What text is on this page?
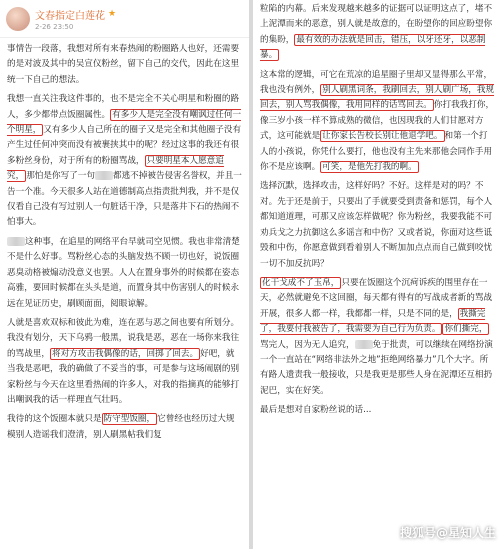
文春指定白莲花 ★
2-26 23:50

事情告一段落，我想对所有来春热闹的粉圈路人也好，还需要的是对波及其中的吴宣仪粉丝，留下自己的交代，因此在这里统一下自己的想法。

我想一直关注我这件事的，也不是完全不关心明星和粉圈的路人，多少都带点饭圈属性。 有多少人是完全没有嘲讽过任何一个明星， 又有多少人自己所在的圈子又是完全和其他圈子没有产生过任何冲突而没有被裹挟其中的呢？经过这事的我还有很多粉丝身份，对于所有的粉圈骂战， 只要明星本人愿意追究， 那怕是你写了一句 都逃不掉被告侵害名誉权，并且一告一个准。今天很多人站在道德制高点指责批判我，并不是仅仅看自己没有写过别人一句脏话干净，只是落井下石的热闹不怕事大。

这种事，在追星的网络平台早就司空见惯。我也非常清楚不是什么好事。骂粉丝心态的头脑发热不顾一切也好，说饭圈恶臭动格被煽动没意义也罢。人人在置身事外的时候都在姿态高雅，要回时候都在头头是道，而置身其中伤害别人的时候永远在见证历史，刷顾面面，阅眼谅解。

人就是喜欢双标和彼此为难，连在恶与恶之间也要有所划分。我没有划分，天下乌鸦一般黑，说我是恶，恶在一场你来我往的骂战里， 将对方攻击我偶像的话，回掷了回去。 好吧，就当我是恶吧，我的确做了不妥当的事，可是参与这场闹剧的别家粉丝与今天在这里看热闹的许多人，对我的指摘真的能够打出嘲讽我的话一样理直气壮吗。

我待的这个饭圈本就只是 防守型饭圈， 它曾经也经历过大规模别人造谣我们澄清，别人刷黑帖我们复

粒陷的内幕。后来发现越来越多的证据可以证明这点了，堵不上泥潭而来的恶意，别人就是故意的，在盼望你的回应盼望你的集盼， 最有效的办法就是回击，错压，以牙还牙，以恶制暴。

这本常的逻辑，可它在荒凉的追星圈子里却又显得那么平常，我也没有例外， 别人刷黑词条，我刷回去，别人刷广场，我规回去，别人骂我偶像，我用同样的话骂回去。 你打我我打你，像三岁小孩一样不算成熟的微信，也因现我的人们甘愿对方式，这可能就是 让你家长告校长别让他退学吧。 和第一个打人的小孩说，你凭什么要打，他也没有主先来那他会同作手用你不是应该啊。 可笑，是他先打我的啊。

选择沉默，选择攻击，这样好吗？不好。这样是对的吗？不对。先于还是前于，只要出了手就要受到责备和惩罚，每个人都知道道理，可那又应该怎样做呢？你为粉丝，我要我能不可劝兵戈之力抗御这么多谣言和中伤？又或者说，你面对这些诋毁和中伤，你愿意做到看着别人不断加加点点而自己做到咬忧一切不加反抗吗？

化干戈成不了玉帛， 只要在饭圈这个沉疴诉疾的围里存在一天，必然就避免不这回圈，每天都有得有的写战成者新的骂战开展，很多人都一样，我都都一样，只是不同的是， 我撕完了，我要付我被告了，我需要为自己行为负责。 你们撕完，骂完人，因为无人追究， 免于批责，可以继续在网络扮演一个一直站在“网络非法外之地”拒绝网络暴力”几个大字。所有路人遗责我一般接收，只是我更是那些人身在泥潭还互相扔泥巴，实在好笑。

最后是想对自家粉丝说的话...

搜狐号@星知人生
